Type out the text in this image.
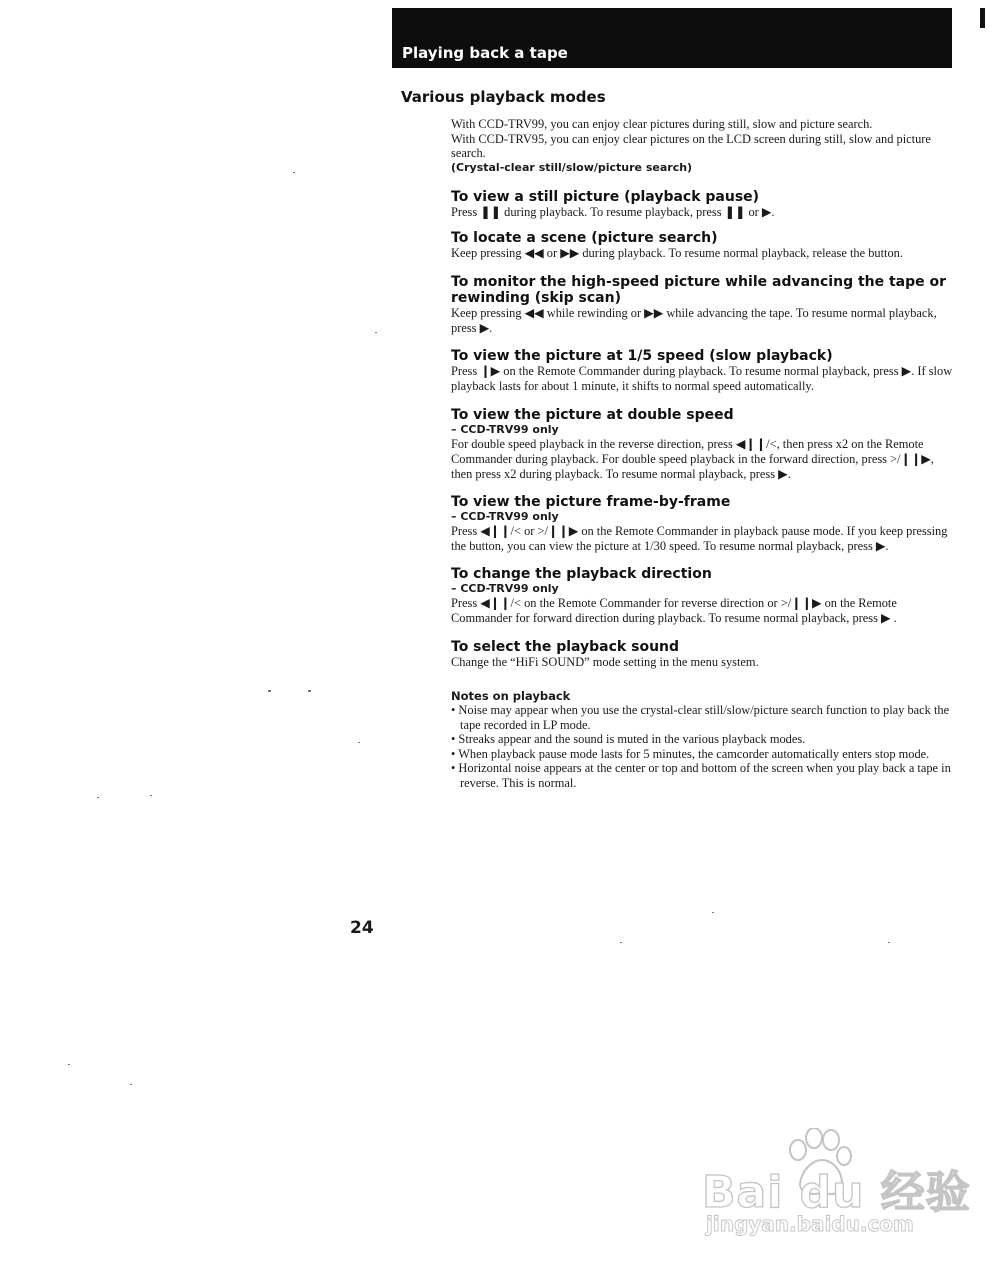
Playing back a tape
Various playback modes

With CCD-TRV99, you can enjoy clear pictures during still, slow and picture search.

With CCD-TRV95, you can enjoy clear pictures on the LCD screen during still, slow and picture search.

(Crystal-clear still/slow/picture search)

To view a still picture (playback pause)

Press ❚❚ during playback. To resume playback, press ❚❚ or ▶.

To locate a scene (picture search)

Keep pressing ◀◀ or ▶▶ during playback. To resume normal playback, release the button.

To monitor the high-speed picture while advancing the tape or rewinding (skip scan)

Keep pressing ◀◀ while rewinding or ▶▶ while advancing the tape. To resume normal playback, press ▶.

To view the picture at 1/5 speed (slow playback)

Press ❙▶ on the Remote Commander during playback. To resume normal playback, press ▶. If slow playback lasts for about 1 minute, it shifts to normal speed automatically.

To view the picture at double speed
– CCD-TRV99 only

For double speed playback in the reverse direction, press ◀❙❙/<, then press x2 on the Remote Commander during playback. For double speed playback in the forward direction, press >/❙❙▶, then press x2 during playback. To resume normal playback, press ▶.

To view the picture frame-by-frame
– CCD-TRV99 only

Press ◀❙❙/< or >/❙❙▶ on the Remote Commander in playback pause mode. If you keep pressing the button, you can view the picture at 1/30 speed. To resume normal playback, press ▶.

To change the playback direction
– CCD-TRV99 only

Press ◀❙❙/< on the Remote Commander for reverse direction or >/❙❙▶ on the Remote Commander for forward direction during playback. To resume normal playback, press ▶ .

To select the playback sound

Change the “HiFi SOUND” mode setting in the menu system.

Notes on playback
• Noise may appear when you use the crystal-clear still/slow/picture search function to play back the tape recorded in LP mode.
• Streaks appear and the sound is muted in the various playback modes.
• When playback pause mode lasts for 5 minutes, the camcorder automatically enters stop mode.
• Horizontal noise appears at the center or top and bottom of the screen when you play back a tape in reverse. This is normal.
24
Bai du 经验
jingyan.baidu.com
